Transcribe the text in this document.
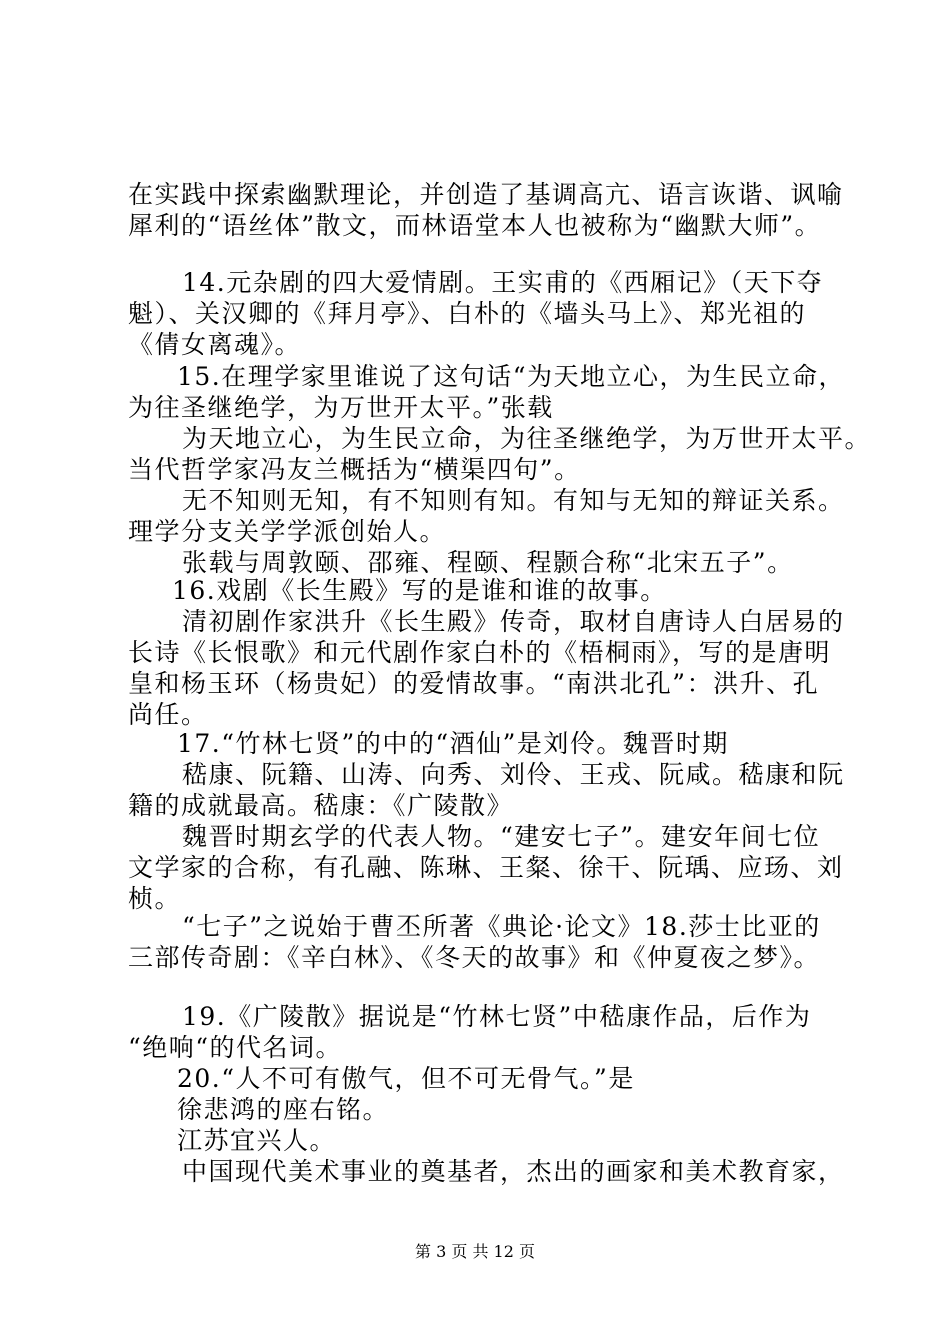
在实践中探索幽默理论，并创造了基调高亢、语言诙谐、讽喻
犀利的“语丝体”散文，而林语堂本人也被称为“幽默大师”。
14.元杂剧的四大爱情剧。王实甫的《西厢记》（天下夺
魁）、关汉卿的《拜月亭》、白朴的《墙头马上》、郑光祖的
《倩女离魂》。
15.在理学家里谁说了这句话“为天地立心，为生民立命，
为往圣继绝学，为万世开太平。”张载
为天地立心，为生民立命，为往圣继绝学，为万世开太平。
当代哲学家冯友兰概括为“横渠四句”。
无不知则无知，有不知则有知。有知与无知的辩证关系。
理学分支关学学派创始人。
张载与周敦颐、邵雍、程颐、程颢合称“北宋五子”。
16.戏剧《长生殿》写的是谁和谁的故事。
清初剧作家洪升《长生殿》传奇，取材自唐诗人白居易的
长诗《长恨歌》和元代剧作家白朴的《梧桐雨》，写的是唐明
皇和杨玉环（杨贵妃）的爱情故事。“南洪北孔”：洪升、孔
尚任。
17.“竹林七贤”的中的“酒仙”是刘伶。魏晋时期
嵇康、阮籍、山涛、向秀、刘伶、王戎、阮咸。嵇康和阮
籍的成就最高。嵇康：《广陵散》
魏晋时期玄学的代表人物。“建安七子”。建安年间七位
文学家的合称，有孔融、陈琳、王粲、徐干、阮瑀、应玚、刘
桢。
“七子”之说始于曹丕所著《典论·论文》18.莎士比亚的
三部传奇剧：《辛白林》、《冬天的故事》和《仲夏夜之梦》。
19.《广陵散》据说是“竹林七贤”中嵇康作品，后作为
“绝响“的代名词。
20.“人不可有傲气，但不可无骨气。”是
徐悲鸿的座右铭。
江苏宜兴人。
中国现代美术事业的奠基者，杰出的画家和美术教育家，
第 3 页 共 12 页
